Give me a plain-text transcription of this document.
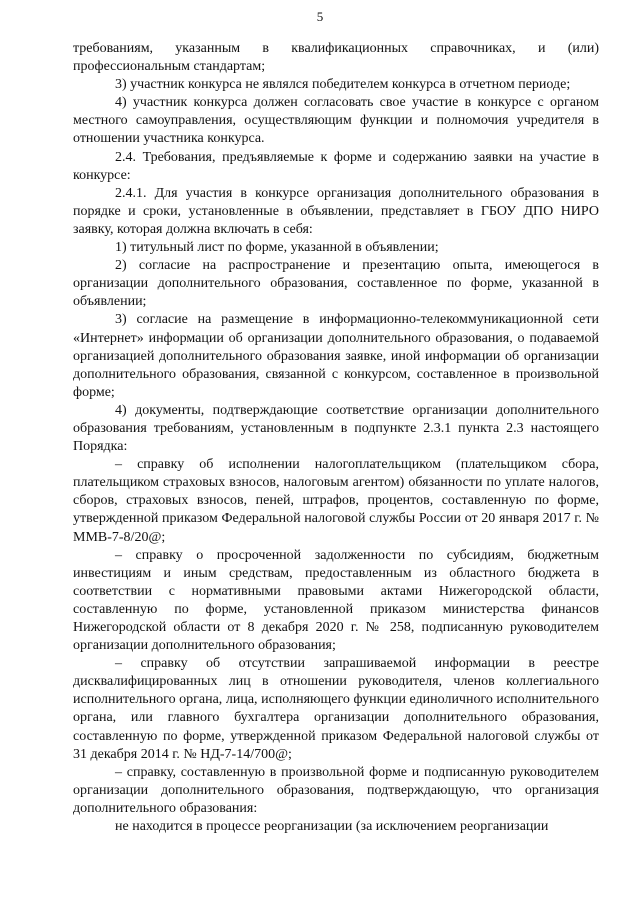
5

требованиям, указанным в квалификационных справочниках, и (или) профессиональным стандартам;

3) участник конкурса не являлся победителем конкурса в отчетном периоде;

4) участник конкурса должен согласовать свое участие в конкурсе с органом местного самоуправления, осуществляющим функции и полномочия учредителя в отношении участника конкурса.

2.4. Требования, предъявляемые к форме и содержанию заявки на участие в конкурсе:

2.4.1. Для участия в конкурсе организация дополнительного образования в порядке и сроки, установленные в объявлении, представляет в ГБОУ ДПО НИРО заявку, которая должна включать в себя:

1) титульный лист по форме, указанной в объявлении;

2) согласие на распространение и презентацию опыта, имеющегося в организации дополнительного образования, составленное по форме, указанной в объявлении;

3) согласие на размещение в информационно-телекоммуникационной сети «Интернет» информации об организации дополнительного образования, о подаваемой организацией дополнительного образования заявке, иной информации об организации дополнительного образования, связанной с конкурсом, составленное в произвольной форме;

4) документы, подтверждающие соответствие организации дополнительного образования требованиям, установленным в подпункте 2.3.1 пункта 2.3 настоящего Порядка:

– справку об исполнении налогоплательщиком (плательщиком сбора, плательщиком страховых взносов, налоговым агентом) обязанности по уплате налогов, сборов, страховых взносов, пеней, штрафов, процентов, составленную по форме, утвержденной приказом Федеральной налоговой службы России от 20 января 2017 г. № ММВ-7-8/20@;

– справку о просроченной задолженности по субсидиям, бюджетным инвестициям и иным средствам, предоставленным из областного бюджета в соответствии с нормативными правовыми актами Нижегородской области, составленную по форме, установленной приказом министерства финансов Нижегородской области от 8 декабря 2020 г. № 258, подписанную руководителем организации дополнительного образования;

– справку об отсутствии запрашиваемой информации в реестре дисквалифицированных лиц в отношении руководителя, членов коллегиального исполнительного органа, лица, исполняющего функции единоличного исполнительного органа, или главного бухгалтера организации дополнительного образования, составленную по форме, утвержденной приказом Федеральной налоговой службы от 31 декабря 2014 г. № НД-7-14/700@;

– справку, составленную в произвольной форме и подписанную руководителем организации дополнительного образования, подтверждающую, что организация дополнительного образования:

не находится в процессе реорганизации (за исключением реорганизации
